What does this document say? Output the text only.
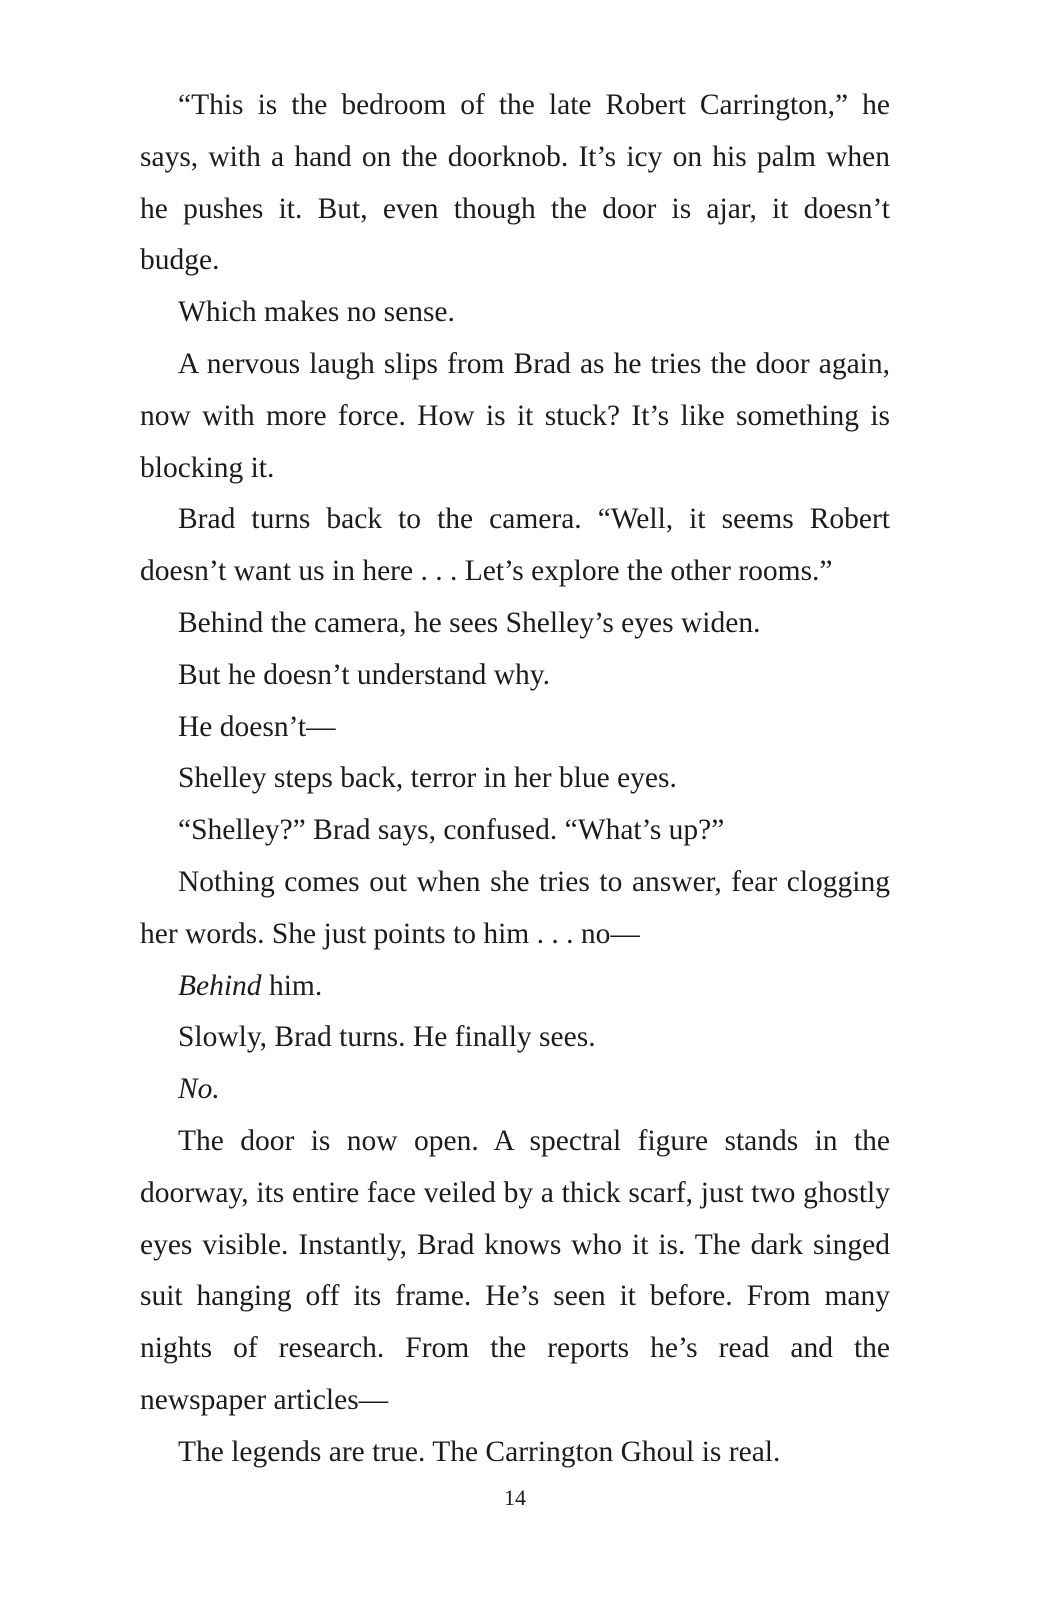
“This is the bedroom of the late Robert Carrington,” he says, with a hand on the doorknob. It’s icy on his palm when he pushes it. But, even though the door is ajar, it doesn’t budge.

Which makes no sense.

A nervous laugh slips from Brad as he tries the door again, now with more force. How is it stuck? It’s like something is blocking it.

Brad turns back to the camera. “Well, it seems Robert doesn’t want us in here . . . Let’s explore the other rooms.”

Behind the camera, he sees Shelley’s eyes widen.

But he doesn’t understand why.

He doesn’t—

Shelley steps back, terror in her blue eyes.

“Shelley?” Brad says, confused. “What’s up?”

Nothing comes out when she tries to answer, fear clogging her words. She just points to him . . . no—

Behind him.

Slowly, Brad turns. He finally sees.

No.

The door is now open. A spectral figure stands in the doorway, its entire face veiled by a thick scarf, just two ghostly eyes visible. Instantly, Brad knows who it is. The dark singed suit hanging off its frame. He’s seen it before. From many nights of research. From the reports he’s read and the newspaper articles—

The legends are true. The Carrington Ghoul is real.

14
